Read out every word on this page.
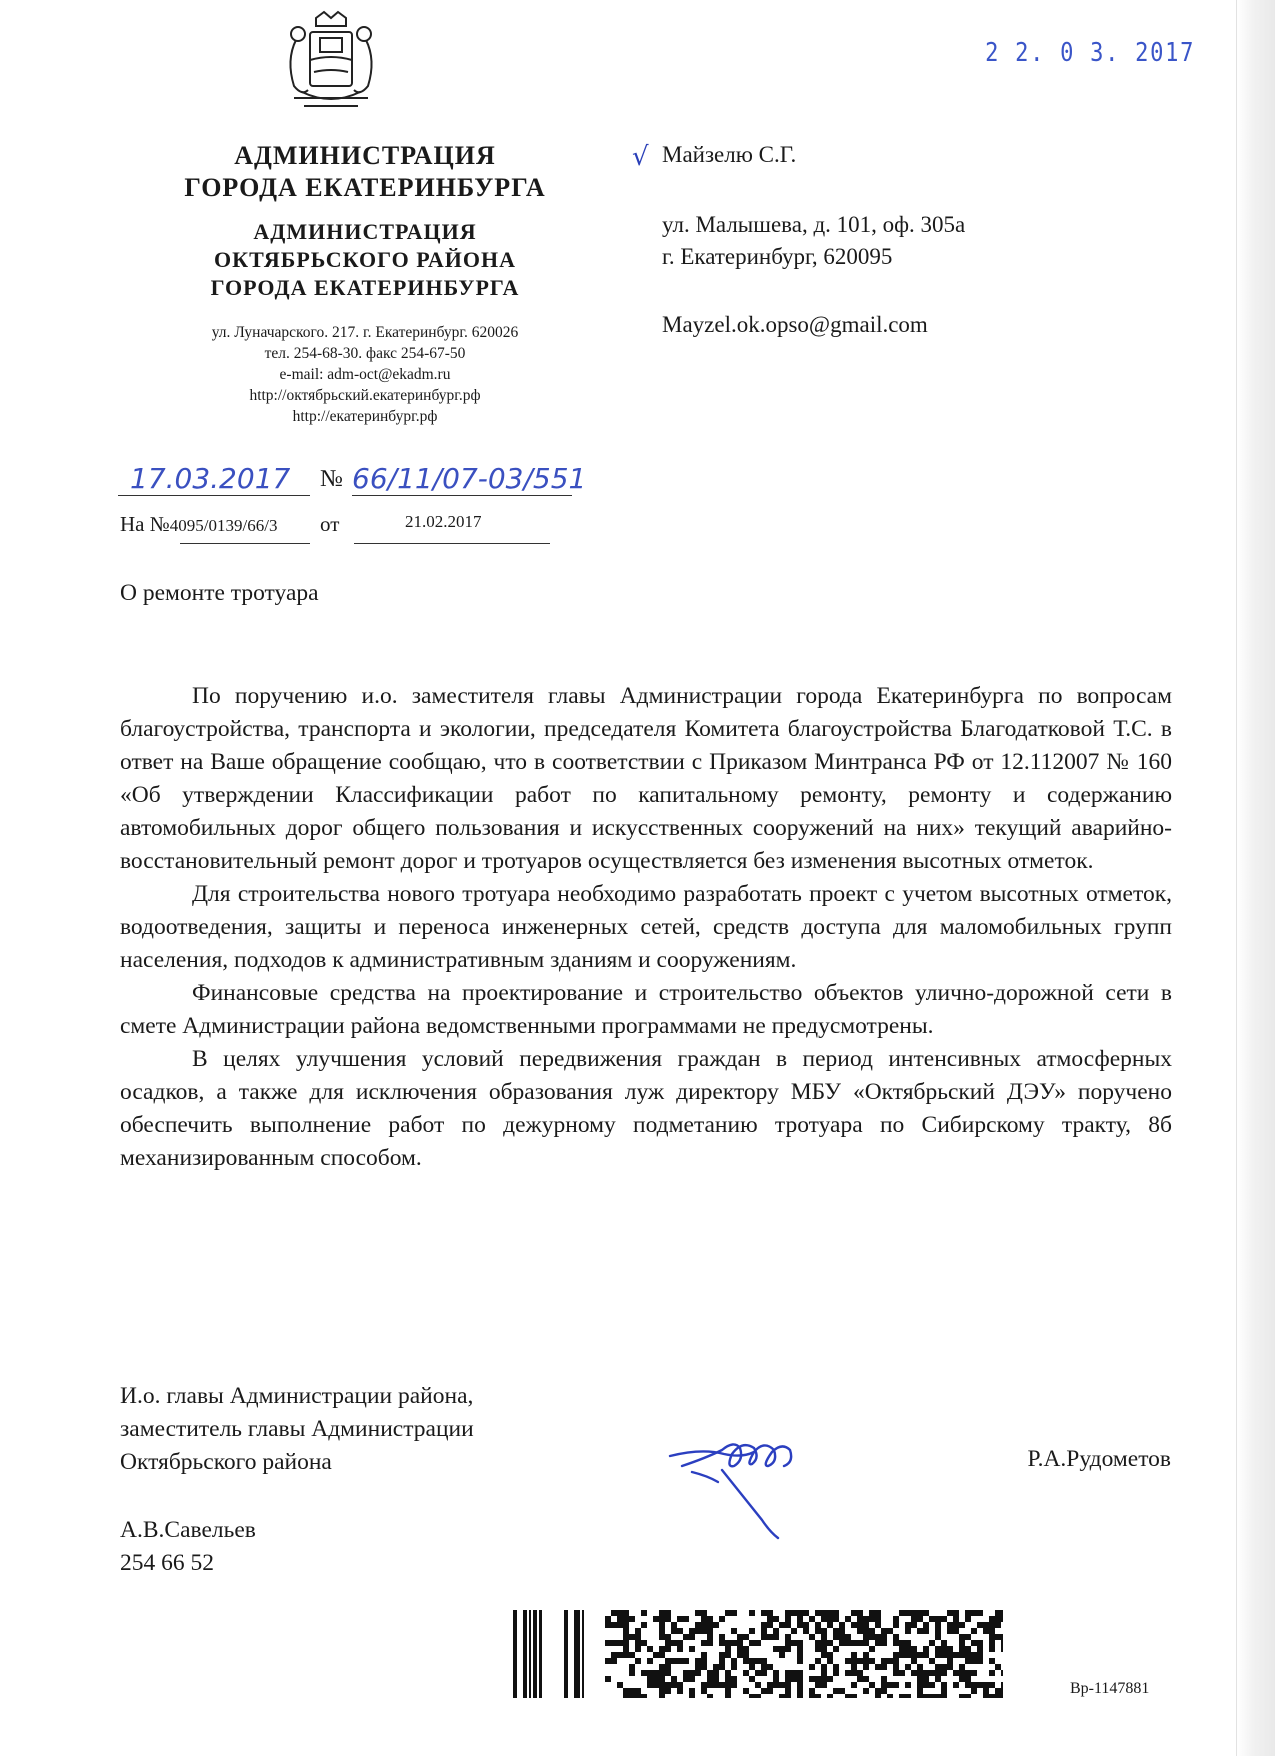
АДМИНИСТРАЦИЯ
ГОРОДА ЕКАТЕРИНБУРГА
АДМИНИСТРАЦИЯ
ОКТЯБРЬСКОГО РАЙОНА
ГОРОДА ЕКАТЕРИНБУРГА
ул. Луначарского. 217. г. Екатеринбург. 620026
тел. 254-68-30. факс 254-67-50
e-mail: adm-oct@ekadm.ru
http://октябрьский.екатеринбург.рф
http://екатеринбург.рф
2 2. 0 3. 2017
√ Майзелю С.Г.
ул. Малышева, д. 101, оф. 305а
г. Екатеринбург, 620095
Mayzel.ok.opso@gmail.com
17.03.2017 № 66/11/07-03/551
На №4095/0139/66/3 от	21.02.2017
О ремонте тротуара

По поручению и.о. заместителя главы Администрации города Екатеринбурга по вопросам благоустройства, транспорта и экологии, председателя Комитета благоустройства Благодатковой Т.С. в ответ на Ваше обращение сообщаю, что в соответствии с Приказом Минтранса РФ от 12.112007 № 160 «Об утверждении Классификации работ по капитальному ремонту, ремонту и содержанию автомобильных дорог общего пользования и искусственных сооружений на них» текущий аварийно-восстановительный ремонт дорог и тротуаров осуществляется без изменения высотных отметок.

Для строительства нового тротуара необходимо разработать проект с учетом высотных отметок, водоотведения, защиты и переноса инженерных сетей, средств доступа для маломобильных групп населения, подходов к административным зданиям и сооружениям.

Финансовые средства на проектирование и строительство объектов улично-дорожной сети в смете Администрации района ведомственными программами не предусмотрены.

В целях улучшения условий передвижения граждан в период интенсивных атмосферных осадков, а также для исключения образования луж директору МБУ «Октябрьский ДЭУ» поручено обеспечить выполнение работ по дежурному подметанию тротуара по Сибирскому тракту, 8б механизированным способом.

И.о. главы Администрации района,
заместитель главы Администрации
Октябрьского района	Р.А.Рудометов
А.В.Савельев
254 66 52
Вр-1147881
